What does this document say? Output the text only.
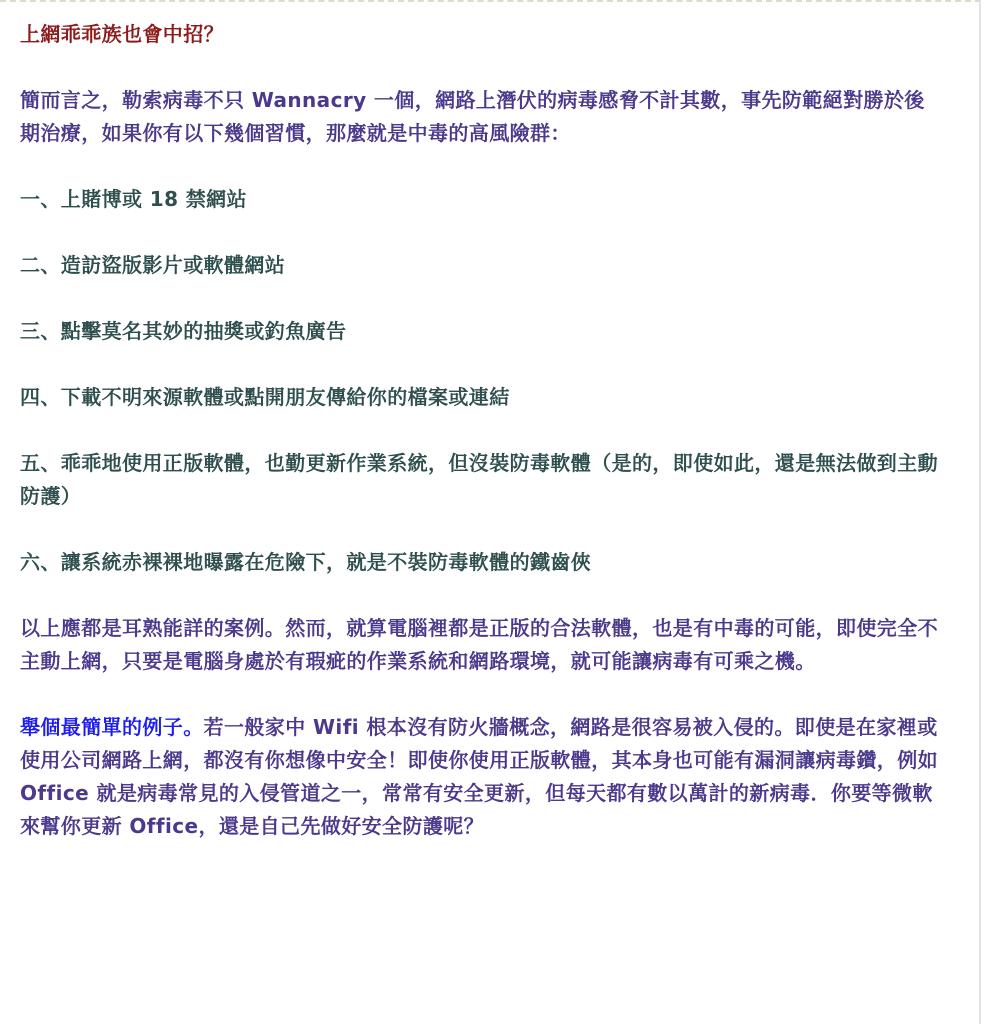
上網乖乖族也會中招？

簡而言之，勒索病毒不只 Wannacry 一個，網路上潛伏的病毒感脅不計其數，事先防範絕對勝於後期治療，如果你有以下幾個習慣，那麼就是中毒的高風險群：

一、上賭博或 18 禁網站

二、造訪盜版影片或軟體網站

三、點擊莫名其妙的抽獎或釣魚廣告

四、下載不明來源軟體或點開朋友傳給你的檔案或連結

五、乖乖地使用正版軟體，也勤更新作業系統，但沒裝防毒軟體（是的，即使如此，還是無法做到主動防護）

六、讓系統赤裸裸地曝露在危險下，就是不裝防毒軟體的鐵齒俠

以上應都是耳熟能詳的案例。然而，就算電腦裡都是正版的合法軟體，也是有中毒的可能，即使完全不主動上網，只要是電腦身處於有瑕疵的作業系統和網路環境，就可能讓病毒有可乘之機。

舉個最簡單的例子。若一般家中 Wifi 根本沒有防火牆概念，網路是很容易被入侵的。即使是在家裡或使用公司網路上網，都沒有你想像中安全！即使你使用正版軟體，其本身也可能有漏洞讓病毒鑽，例如 Office 就是病毒常見的入侵管道之一，常常有安全更新，但每天都有數以萬計的新病毒．你要等微軟來幫你更新 Office，還是自己先做好安全防護呢？
